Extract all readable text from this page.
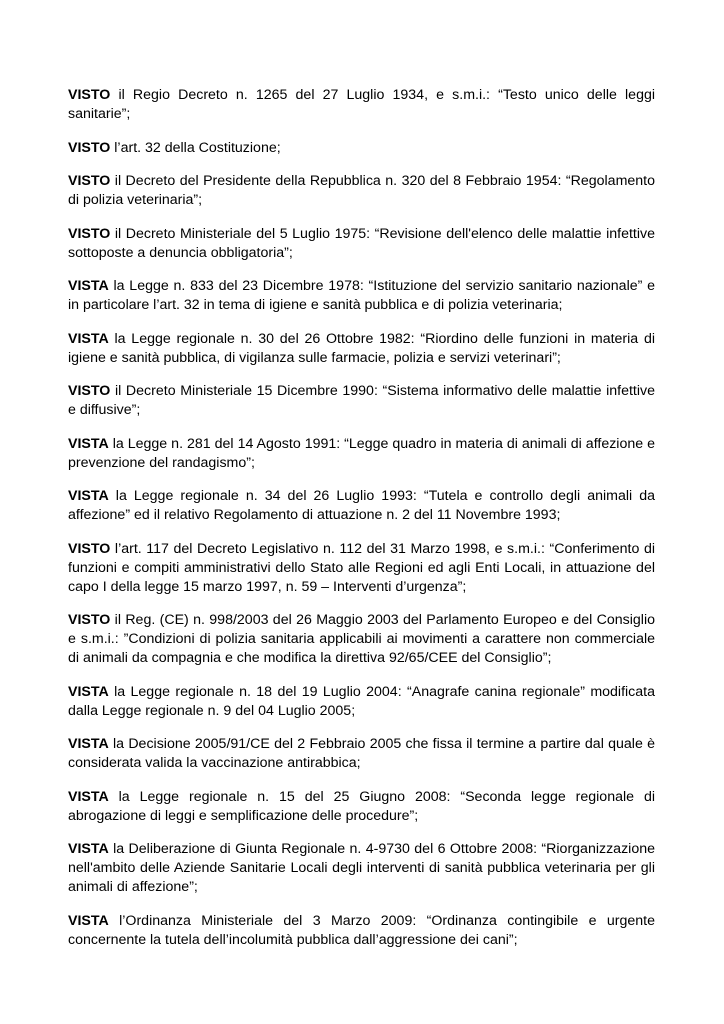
VISTO il Regio Decreto n. 1265 del 27 Luglio 1934, e s.m.i.: “Testo unico delle leggi sanitarie”;

VISTO l’art. 32 della Costituzione;

VISTO il Decreto del Presidente della Repubblica n. 320 del 8 Febbraio 1954: “Regolamento di polizia veterinaria”;

VISTO il Decreto Ministeriale del 5 Luglio 1975: “Revisione dell'elenco delle malattie infettive sottoposte a denuncia obbligatoria”;

VISTA la Legge n. 833 del 23 Dicembre 1978: “Istituzione del servizio sanitario nazionale” e in particolare l’art. 32 in tema di igiene e sanità pubblica e di polizia veterinaria;

VISTA la Legge regionale n. 30 del 26 Ottobre 1982: “Riordino delle funzioni in materia di igiene e sanità pubblica, di vigilanza sulle farmacie, polizia e servizi veterinari”;

VISTO il Decreto Ministeriale 15 Dicembre 1990: “Sistema informativo delle malattie infettive e diffusive”;

VISTA la Legge n. 281 del 14 Agosto 1991: “Legge quadro in materia di animali di affezione e prevenzione del randagismo”;

VISTA la Legge regionale n. 34 del 26 Luglio 1993: “Tutela e controllo degli animali da affezione” ed il relativo Regolamento di attuazione n. 2 del 11 Novembre 1993;

VISTO l’art. 117 del Decreto Legislativo n. 112 del 31 Marzo 1998, e s.m.i.: “Conferimento di funzioni e compiti amministrativi dello Stato alle Regioni ed agli Enti Locali, in attuazione del capo I della legge 15 marzo 1997, n. 59 – Interventi d’urgenza”;

VISTO il Reg. (CE) n. 998/2003 del 26 Maggio 2003 del Parlamento Europeo e del Consiglio e s.m.i.: ”Condizioni di polizia sanitaria applicabili ai movimenti a carattere non commerciale di animali da compagnia e che modifica la direttiva 92/65/CEE del Consiglio”;

VISTA la Legge regionale n. 18 del 19 Luglio 2004: “Anagrafe canina regionale” modificata dalla Legge regionale n. 9 del 04 Luglio 2005;

VISTA la Decisione 2005/91/CE del 2 Febbraio 2005 che fissa il termine a partire dal quale è considerata valida la vaccinazione antirabbica;

VISTA la Legge regionale n. 15 del 25 Giugno 2008: “Seconda legge regionale di abrogazione di leggi e semplificazione delle procedure”;

VISTA la Deliberazione di Giunta Regionale n. 4-9730 del 6 Ottobre 2008: “Riorganizzazione nell'ambito delle Aziende Sanitarie Locali degli interventi di sanità pubblica veterinaria per gli animali di affezione”;

VISTA l’Ordinanza Ministeriale del 3 Marzo 2009: “Ordinanza contingibile e urgente concernente la tutela dell’incolumità pubblica dall’aggressione dei cani”;
